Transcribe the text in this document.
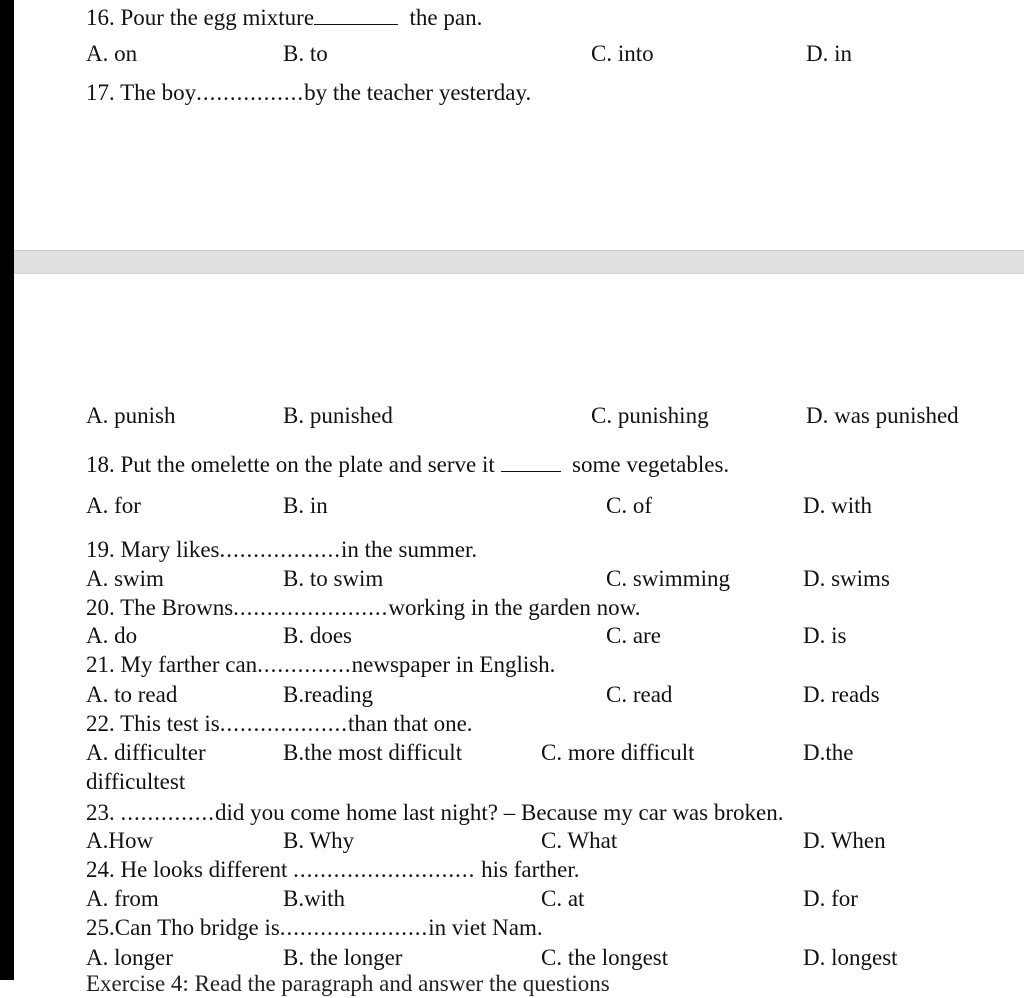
16. Pour the egg mixture	the pan.
A. on	B. to	C. into	D. in
17. The boy................by the teacher yesterday.
A. punish	B. punished	C. punishing	D. was punished
18. Put the omelette on the plate and serve it	some vegetables.
A. for	B. in	C. of	D. with
19. Mary likes..................in the summer.
A. swim	B. to swim	C. swimming	D. swims
20. The Browns.......................working in the garden now.
A. do	B. does	C. are	D. is
21. My farther can..............newspaper in English.
A. to read	B.reading	C. read	D. reads
22. This test is...................than that one.
A. difficulter	B.the most difficult	C. more difficult	D.the
difficultest
23. ..............did you come home last night? – Because my car was broken.
A.How	B. Why	C. What	D. When
24. He looks different ........................... his farther.
A. from	B.with	C. at	D. for
25.Can Tho bridge is......................in viet Nam.
A. longer	B. the longer	C. the longest	D. longest
Exercise 4: Read the paragraph and answer the questions
